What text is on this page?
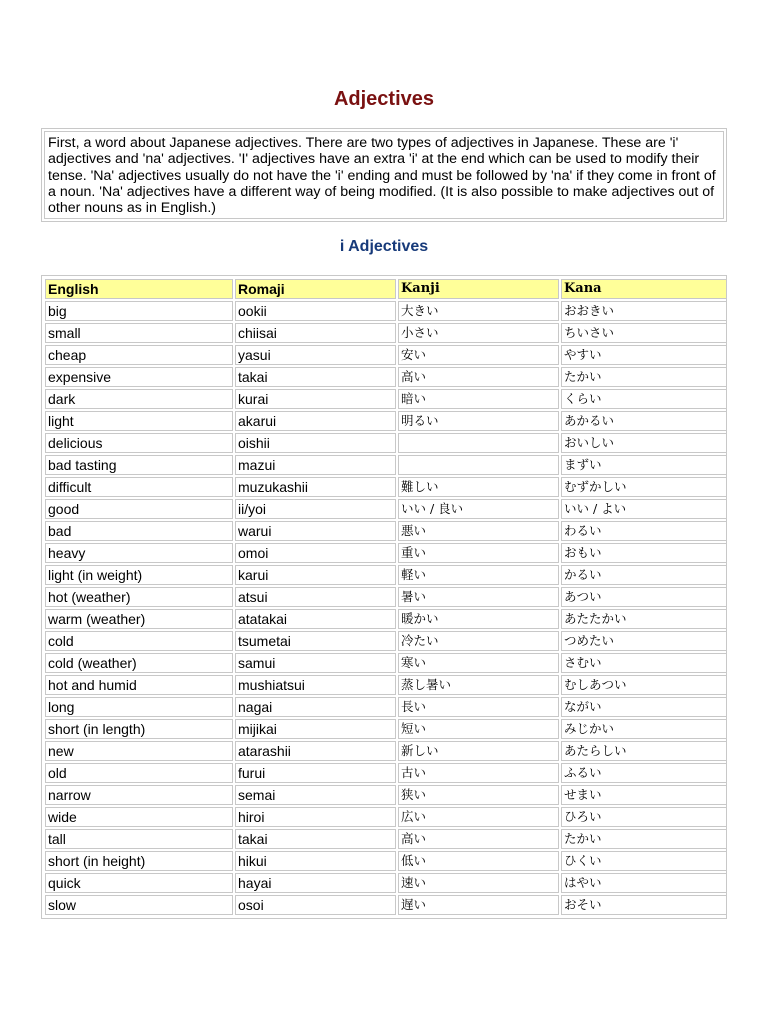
Adjectives
First, a word about Japanese adjectives. There are two types of adjectives in Japanese. These are 'i' adjectives and 'na' adjectives. 'I' adjectives have an extra 'i' at the end which can be used to modify their tense. 'Na' adjectives usually do not have the 'i' ending and must be followed by 'na' if they come in front of a noun. 'Na' adjectives have a different way of being modified. (It is also possible to make adjectives out of other nouns as in English.)
i Adjectives
English	Romaji	Kanji	Kana
big	ookii	大きい	おおきい
small	chiisai	小さい	ちいさい
cheap	yasui	安い	やすい
expensive	takai	高い	たかい
dark	kurai	暗い	くらい
light	akarui	明るい	あかるい
delicious	oishii		おいしい
bad tasting	mazui		まずい
difficult	muzukashii	難しい	むずかしい
good	ii/yoi	いい / 良い	いい / よい
bad	warui	悪い	わるい
heavy	omoi	重い	おもい
light (in weight)	karui	軽い	かるい
hot (weather)	atsui	暑い	あつい
warm (weather)	atatakai	暖かい	あたたかい
cold	tsumetai	冷たい	つめたい
cold (weather)	samui	寒い	さむい
hot and humid	mushiatsui	蒸し暑い	むしあつい
long	nagai	長い	ながい
short (in length)	mijikai	短い	みじかい
new	atarashii	新しい	あたらしい
old	furui	古い	ふるい
narrow	semai	狭い	せまい
wide	hiroi	広い	ひろい
tall	takai	高い	たかい
short (in height)	hikui	低い	ひくい
quick	hayai	速い	はやい
slow	osoi	遅い	おそい
